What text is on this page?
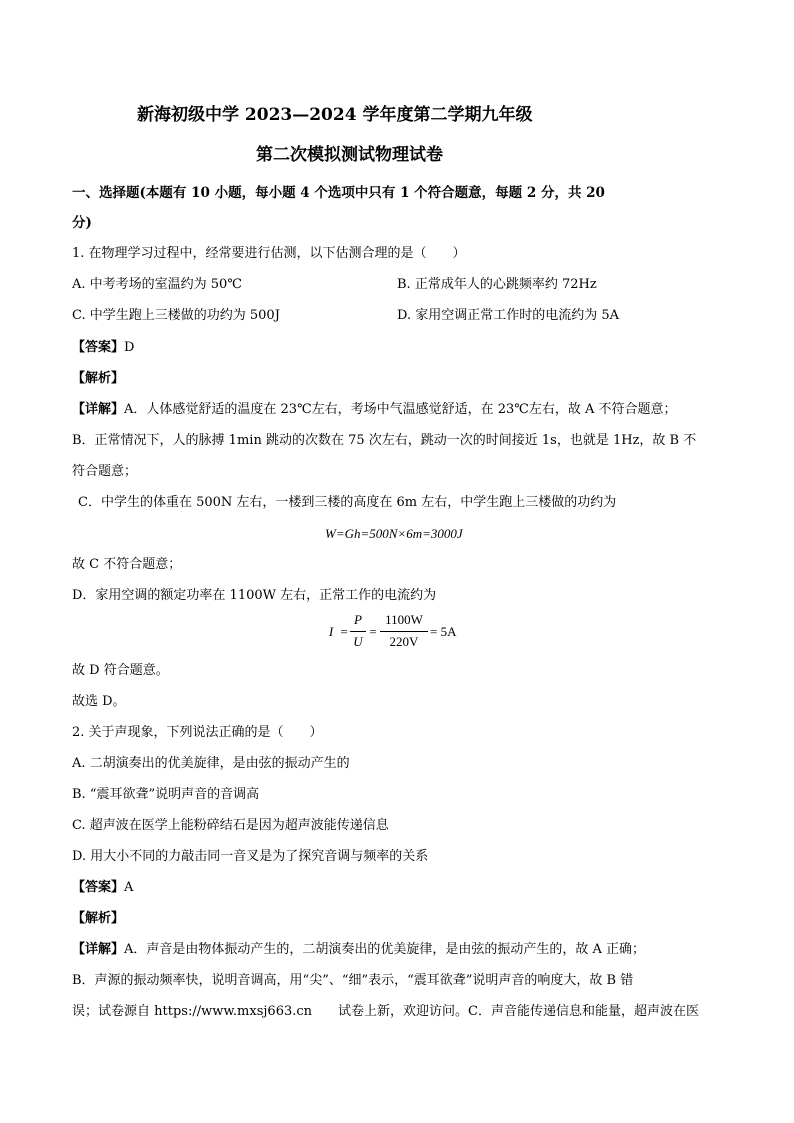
新海初级中学 2023—2024 学年度第二学期九年级
第二次模拟测试物理试卷
一、选择题(本题有 10 小题，每小题 4 个选项中只有 1 个符合题意，每题 2 分，共 20
分)
1. 在物理学习过程中，经常要进行估测，以下估测合理的是（　　）
A. 中考考场的室温约为 50℃	B. 正常成年人的心跳频率约 72Hz
C. 中学生跑上三楼做的功约为 500J	D. 家用空调正常工作时的电流约为 5A
【答案】D
【解析】
【详解】A．人体感觉舒适的温度在 23℃左右，考场中气温感觉舒适，在 23℃左右，故 A 不符合题意；
B．正常情况下，人的脉搏 1min 跳动的次数在 75 次左右，跳动一次的时间接近 1s，也就是 1Hz，故 B 不
符合题意；
C．中学生的体重在 500N 左右，一楼到三楼的高度在 6m 左右，中学生跑上三楼做的功约为
W=Gh=500N×6m=3000J
故 C 不符合题意；
D．家用空调的额定功率在 1100W 左右，正常工作的电流约为
I =
P
U
=
1100W
220V
= 5A
故 D 符合题意。
故选 D。
2. 关于声现象，下列说法正确的是（　　）
A. 二胡演奏出的优美旋律，是由弦的振动产生的
B. “震耳欲聋”说明声音的音调高
C. 超声波在医学上能粉碎结石是因为超声波能传递信息
D. 用大小不同的力敲击同一音叉是为了探究音调与频率的关系
【答案】A
【解析】
【详解】A．声音是由物体振动产生的，二胡演奏出的优美旋律，是由弦的振动产生的，故 A 正确；
B．声源的振动频率快，说明音调高，用“尖”、“细”表示，“震耳欲聋”说明声音的响度大，故 B 错
误；试卷源自 https://www.mxsj663.cn　　试卷上新，欢迎访问。C．声音能传递信息和能量，超声波在医
